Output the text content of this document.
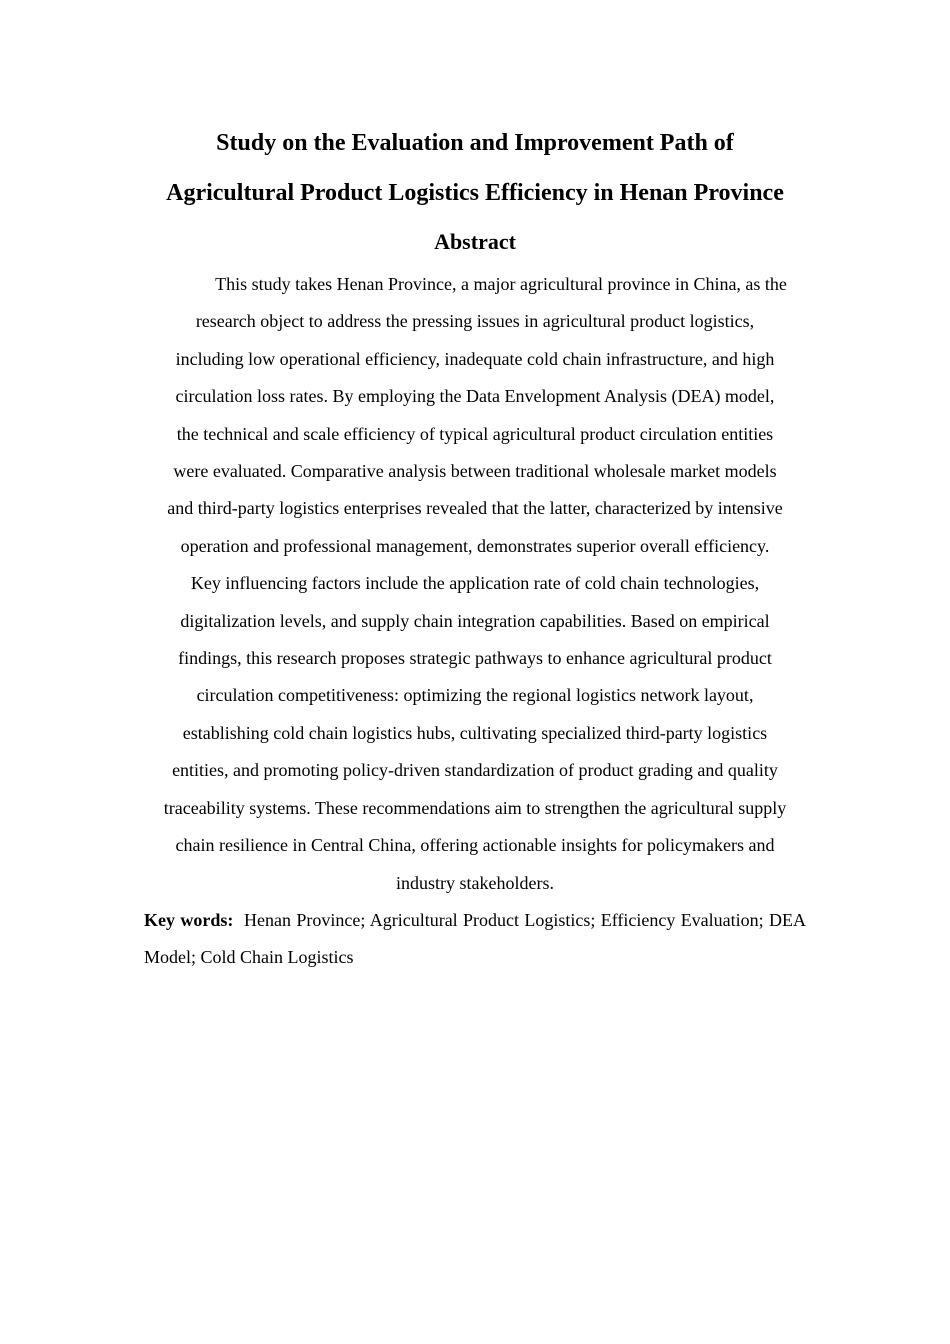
Study on the Evaluation and Improvement Path of
Agricultural Product Logistics Efficiency in Henan Province
Abstract
This study takes Henan Province, a major agricultural province in China, as the
research object to address the pressing issues in agricultural product logistics,
including low operational efficiency, inadequate cold chain infrastructure, and high
circulation loss rates. By employing the Data Envelopment Analysis (DEA) model,
the technical and scale efficiency of typical agricultural product circulation entities
were evaluated. Comparative analysis between traditional wholesale market models
and third-party logistics enterprises revealed that the latter, characterized by intensive
operation and professional management, demonstrates superior overall efficiency.
Key influencing factors include the application rate of cold chain technologies,
digitalization levels, and supply chain integration capabilities. Based on empirical
findings, this research proposes strategic pathways to enhance agricultural product
circulation competitiveness: optimizing the regional logistics network layout,
establishing cold chain logistics hubs, cultivating specialized third-party logistics
entities, and promoting policy-driven standardization of product grading and quality
traceability systems. These recommendations aim to strengthen the agricultural supply
chain resilience in Central China, offering actionable insights for policymakers and
industry stakeholders.

Key words: Henan Province; Agricultural Product Logistics; Efficiency Evaluation; DEA Model; Cold Chain Logistics
